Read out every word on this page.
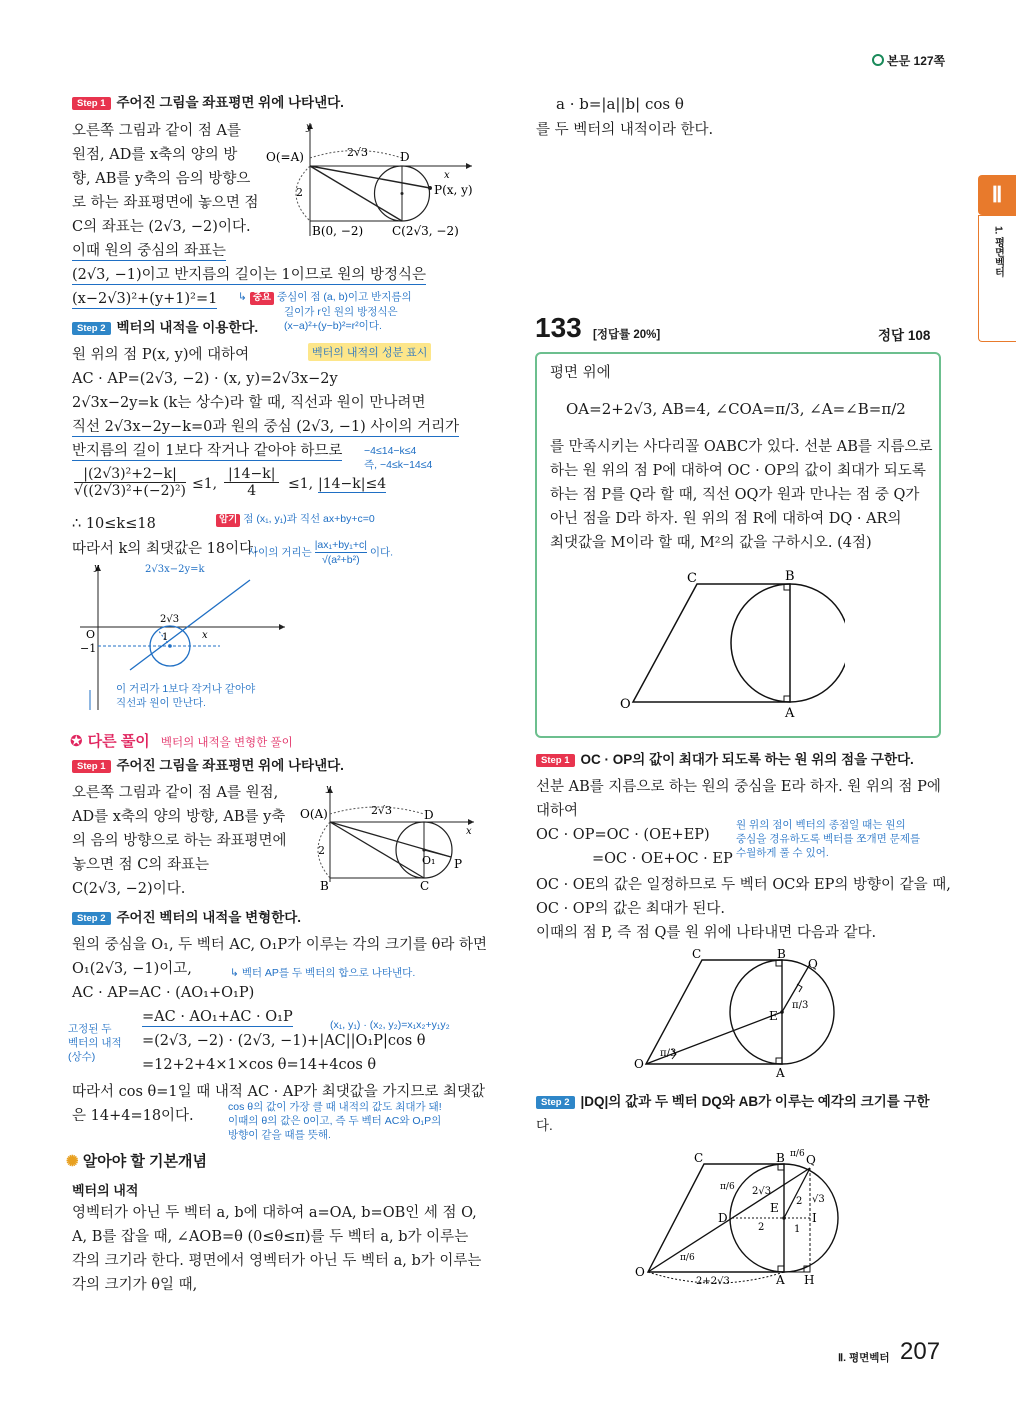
본문 127쪽
Ⅱ
1. 평면벡터
Step 1 주어진 그림을 좌표평면 위에 나타낸다.
오른쪽 그림과 같이 점 A를
원점, AD를 x축의 양의 방
향, AB를 y축의 음의 방향으
로 하는 좌표평면에 놓으면 점
C의 좌표는 (2√3, −2)이다.
이때 원의 중심의 좌표는
(2√3, −1)이고 반지름의 길이는 1이므로 원의 방정식은
(x−2√3)²+(y+1)²=1
y
x
O(=A)	2√3	D
2	P(x, y)
B(0, −2) C(2√3, −2)
↳ 중요 중심이 점 (a, b)이고 반지름의
길이가 r인 원의 방정식은
(x−a)²+(y−b)²=r²이다.
Step 2 벡터의 내적을 이용한다.
벡터의 내적의 성분 표시
원 위의 점 P(x, y)에 대하여
AC · AP=(2√3, −2) · (x, y)=2√3x−2y
2√3x−2y=k (k는 상수)라 할 때, 직선과 원이 만나려면
직선 2√3x−2y−k=0과 원의 중심 (2√3, −1) 사이의 거리가
반지름의 길이 1보다 작거나 같아야 하므로 −4≤14−k≤4
즉, −4≤k−14≤4
|(2√3)²+2−k|
√((2√3)²+(−2)²) ≤1,
|14−k|
4	≤1, |14−k|≤4
∴ 10≤k≤18	암기 점 (x₁, y₁)과 직선 ax+by+c=0
따라서 k의 최댓값은 18이다.
사이의 거리는 $\frac{\text{|ax₁+by₁+c|}}{\text{√(a²+b²)}}$ 이다.
y
x
O
−1
2√3x−2y=k
2√3
1
이 거리가 1보다 작거나 같아야
직선과 원이 만난다.
✪ 다른 풀이 벡터의 내적을 변형한 풀이
Step 1 주어진 그림을 좌표평면 위에 나타낸다.
오른쪽 그림과 같이 점 A를 원점,
AD를 x축의 양의 방향, AB를 y축
의 음의 방향으로 하는 좌표평면에
놓으면 점 C의 좌표는
C(2√3, −2)이다.
y
x
O(A)	2√3	D
2
O₁ P
B	C
Step 2 주어진 벡터의 내적을 변형한다.
원의 중심을 O₁, 두 벡터 AC, O₁P가 이루는 각의 크기를 θ라 하면
O₁(2√3, −1)이고,	↳ 벡터 AP를 두 벡터의 합으로 나타낸다.
AC · AP=AC · (AO₁+O₁P)
=AC · AO₁+AC · O₁P
=(2√3, −2) · (2√3, −1)+|AC||O₁P|cos θ
=12+2+4×1×cos θ=14+4cos θ
고정된 두
벡터의 내적
(상수)
(x₁, y₁) · (x₂, y₂)=x₁x₂+y₁y₂
따라서 cos θ=1일 때 내적 AC · AP가 최댓값을 가지므로 최댓값
은 14+4=18이다.
cos θ의 값이 가장 클 때 내적의 값도 최대가 돼!
이때의 θ의 값은 0이고, 즉 두 벡터 AC와 O₁P의
방향이 같을 때를 뜻해.
✺ 알아야 할 기본개념
벡터의 내적
영벡터가 아닌 두 벡터 a, b에 대하여 a=OA, b=OB인 세 점 O,
A, B를 잡을 때, ∠AOB=θ (0≤θ≤π)를 두 벡터 a, b가 이루는
각의 크기라 한다. 평면에서 영벡터가 아닌 두 벡터 a, b가 이루는
각의 크기가 θ일 때,
a · b=|a||b| cos θ
를 두 벡터의 내적이라 한다.
133 [정답률 20%]	정답 108
평면 위에
OA=2+2√3, AB=4, ∠COA=π/3, ∠A=∠B=π/2
를 만족시키는 사다리꼴 OABC가 있다. 선분 AB를 지름으로
하는 원 위의 점 P에 대하여 OC · OP의 값이 최대가 되도록
하는 점 P를 Q라 할 때, 직선 OQ가 원과 만나는 점 중 Q가
아닌 점을 D라 하자. 원 위의 점 R에 대하여 DQ · AR의
최댓값을 M이라 할 때, M²의 값을 구하시오. (4점)
C	B
O
A
Step 1 OC · OP의 값이 최대가 되도록 하는 원 위의 점을 구한다.
선분 AB를 지름으로 하는 원의 중심을 E라 하자. 원 위의 점 P에
대하여
OC · OP=OC · (OE+EP)
=OC · OE+OC · EP
원 위의 점이 벡터의 종점일 때는 원의
중심을 경유하도록 벡터를 쪼개면 문제를
수월하게 풀 수 있어.
OC · OE의 값은 일정하므로 두 벡터 OC와 EP의 방향이 같을 때,
OC · OP의 값은 최대가 된다.
이때의 점 P, 즉 점 Q를 원 위에 나타내면 다음과 같다.
C	B
Q
E
O
A
π/3
π/3
Step 2 |DQ|의 값과 두 벡터 DQ와 AB가 이루는 예각의 크기를 구한
다.
C	B Q
D
E
O
A H
I
π/6
π/6
π/6
2√3
√3
2
2	1
2+2√3
Ⅱ. 평면벡터 207
